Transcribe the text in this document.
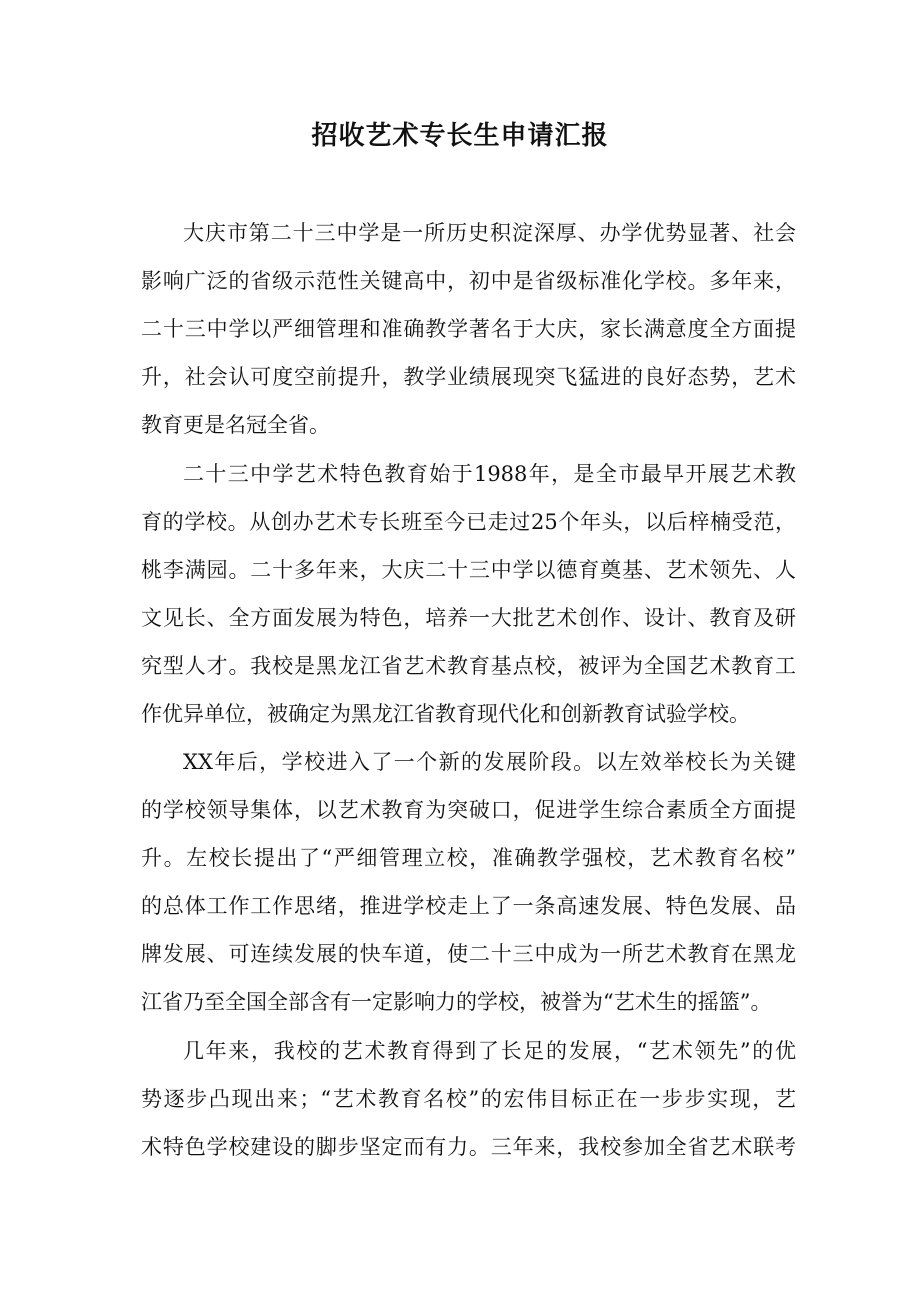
招收艺术专长生申请汇报

大庆市第二十三中学是一所历史积淀深厚、办学优势显著、社会

影响广泛的省级示范性关键高中，初中是省级标准化学校。多年来，

二十三中学以严细管理和准确教学著名于大庆，家长满意度全方面提

升，社会认可度空前提升，教学业绩展现突飞猛进的良好态势，艺术

教育更是名冠全省。

二十三中学艺术特色教育始于1988年，是全市最早开展艺术教

育的学校。从创办艺术专长班至今已走过25个年头，以后梓楠受范，

桃李满园。二十多年来，大庆二十三中学以德育奠基、艺术领先、人

文见长、全方面发展为特色，培养一大批艺术创作、设计、教育及研

究型人才。我校是黑龙江省艺术教育基点校，被评为全国艺术教育工

作优异单位，被确定为黑龙江省教育现代化和创新教育试验学校。

XX年后，学校进入了一个新的发展阶段。以左效举校长为关键

的学校领导集体，以艺术教育为突破口，促进学生综合素质全方面提

升。左校长提出了“严细管理立校，准确教学强校，艺术教育名校”

的总体工作工作思绪，推进学校走上了一条高速发展、特色发展、品

牌发展、可连续发展的快车道，使二十三中成为一所艺术教育在黑龙

江省乃至全国全部含有一定影响力的学校，被誉为“艺术生的摇篮”。

几年来，我校的艺术教育得到了长足的发展，“艺术领先”的优

势逐步凸现出来；“艺术教育名校”的宏伟目标正在一步步实现，艺

术特色学校建设的脚步坚定而有力。三年来，我校参加全省艺术联考
